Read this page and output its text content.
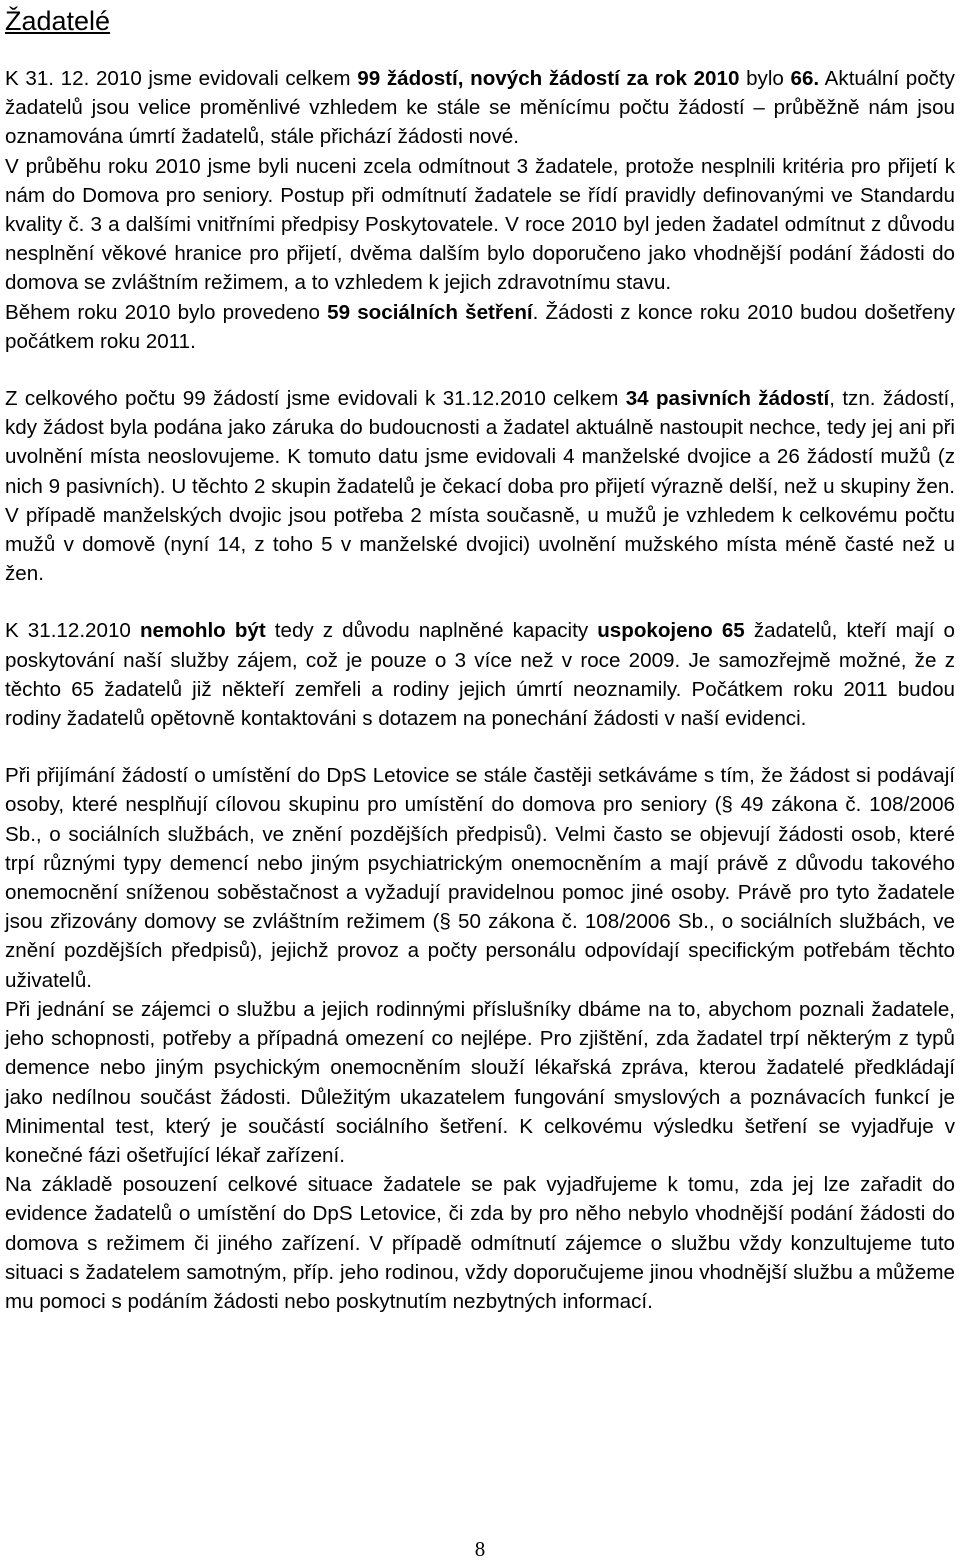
Žadatelé

K 31. 12. 2010 jsme evidovali celkem 99 žádostí, nových žádostí za rok 2010 bylo 66. Aktuální počty žadatelů jsou velice proměnlivé vzhledem ke stále se měnícímu počtu žádostí – průběžně nám jsou oznamována úmrtí žadatelů, stále přichází žádosti nové.

V průběhu roku 2010 jsme byli nuceni zcela odmítnout 3 žadatele, protože nesplnili kritéria pro přijetí k nám do Domova pro seniory. Postup při odmítnutí žadatele se řídí pravidly definovanými ve Standardu kvality č. 3 a dalšími vnitřními předpisy Poskytovatele. V roce 2010 byl jeden žadatel odmítnut z důvodu nesplnění věkové hranice pro přijetí, dvěma dalším bylo doporučeno jako vhodnější podání žádosti do domova se zvláštním režimem, a to vzhledem k jejich zdravotnímu stavu.

Během roku 2010 bylo provedeno 59 sociálních šetření. Žádosti z konce roku 2010 budou došetřeny počátkem roku 2011.

Z celkového počtu 99 žádostí jsme evidovali k 31.12.2010 celkem 34 pasivních žádostí, tzn. žádostí, kdy žádost byla podána jako záruka do budoucnosti a žadatel aktuálně nastoupit nechce, tedy jej ani při uvolnění místa neoslovujeme. K tomuto datu jsme evidovali 4 manželské dvojice a 26 žádostí mužů (z nich 9 pasivních). U těchto 2 skupin žadatelů je čekací doba pro přijetí výrazně delší, než u skupiny žen. V případě manželských dvojic jsou potřeba 2 místa současně, u mužů je vzhledem k celkovému počtu mužů v domově (nyní 14, z toho 5 v manželské dvojici) uvolnění mužského místa méně časté než u žen.

K 31.12.2010 nemohlo být tedy z důvodu naplněné kapacity uspokojeno 65 žadatelů, kteří mají o poskytování naší služby zájem, což je pouze o 3 více než v roce 2009. Je samozřejmě možné, že z těchto 65 žadatelů již někteří zemřeli a rodiny jejich úmrtí neoznamily. Počátkem roku 2011 budou rodiny žadatelů opětovně kontaktováni s dotazem na ponechání žádosti v naší evidenci.

Při přijímání žádostí o umístění do DpS Letovice se stále častěji setkáváme s tím, že žádost si podávají osoby, které nesplňují cílovou skupinu pro umístění do domova pro seniory (§ 49 zákona č. 108/2006 Sb., o sociálních službách, ve znění pozdějších předpisů). Velmi často se objevují žádosti osob, které trpí různými typy demencí nebo jiným psychiatrickým onemocněním a mají právě z důvodu takového onemocnění sníženou soběstačnost a vyžadují pravidelnou pomoc jiné osoby. Právě pro tyto žadatele jsou zřizovány domovy se zvláštním režimem (§ 50 zákona č. 108/2006 Sb., o sociálních službách, ve znění pozdějších předpisů), jejichž provoz a počty personálu odpovídají specifickým potřebám těchto uživatelů.

Při jednání se zájemci o službu a jejich rodinnými příslušníky dbáme na to, abychom poznali žadatele, jeho schopnosti, potřeby a případná omezení co nejlépe. Pro zjištění, zda žadatel trpí některým z typů demence nebo jiným psychickým onemocněním slouží lékařská zpráva, kterou žadatelé předkládají jako nedílnou součást žádosti. Důležitým ukazatelem fungování smyslových a poznávacích funkcí je Minimental test, který je součástí sociálního šetření. K celkovému výsledku šetření se vyjadřuje v konečné fázi ošetřující lékař zařízení.

Na základě posouzení celkové situace žadatele se pak vyjadřujeme k tomu, zda jej lze zařadit do evidence žadatelů o umístění do DpS Letovice, či zda by pro něho nebylo vhodnější podání žádosti do domova s režimem či jiného zařízení. V případě odmítnutí zájemce o službu vždy konzultujeme tuto situaci s žadatelem samotným, příp. jeho rodinou, vždy doporučujeme jinou vhodnější službu a můžeme mu pomoci s podáním žádosti nebo poskytnutím nezbytných informací.

8
